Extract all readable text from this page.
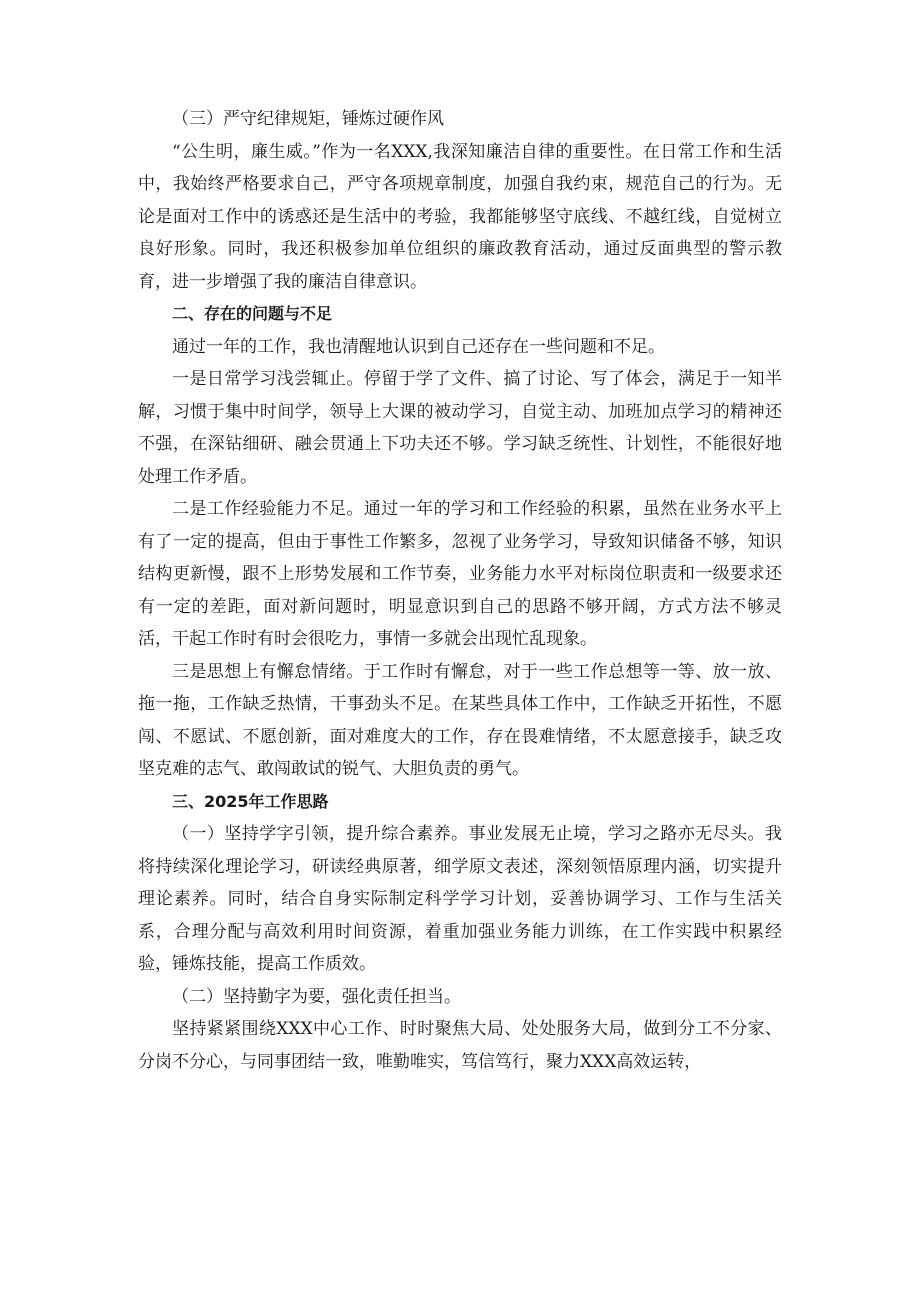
（三）严守纪律规矩，锤炼过硬作风

“公生明，廉生威。”作为一名XXX,我深知廉洁自律的重要性。在日常工作和生活中，我始终严格要求自己，严守各项规章制度，加强自我约束，规范自己的行为。无论是面对工作中的诱惑还是生活中的考验，我都能够坚守底线、不越红线，自觉树立良好形象。同时，我还积极参加单位组织的廉政教育活动，通过反面典型的警示教育，进一步增强了我的廉洁自律意识。

二、存在的问题与不足

通过一年的工作，我也清醒地认识到自己还存在一些问题和不足。

一是日常学习浅尝辄止。停留于学了文件、搞了讨论、写了体会，满足于一知半解，习惯于集中时间学，领导上大课的被动学习，自觉主动、加班加点学习的精神还不强，在深钻细研、融会贯通上下功夫还不够。学习缺乏统性、计划性，不能很好地处理工作矛盾。

二是工作经验能力不足。通过一年的学习和工作经验的积累，虽然在业务水平上有了一定的提高，但由于事性工作繁多，忽视了业务学习，导致知识储备不够，知识结构更新慢，跟不上形势发展和工作节奏，业务能力水平对标岗位职责和一级要求还有一定的差距，面对新问题时，明显意识到自己的思路不够开阔，方式方法不够灵活，干起工作时有时会很吃力，事情一多就会出现忙乱现象。

三是思想上有懈怠情绪。于工作时有懈怠，对于一些工作总想等一等、放一放、拖一拖，工作缺乏热情，干事劲头不足。在某些具体工作中，工作缺乏开拓性，不愿闯、不愿试、不愿创新，面对难度大的工作，存在畏难情绪，不太愿意接手，缺乏攻坚克难的志气、敢闯敢试的锐气、大胆负责的勇气。

三、2025年工作思路

（一）坚持学字引领，提升综合素养。事业发展无止境，学习之路亦无尽头。我将持续深化理论学习，研读经典原著，细学原文表述，深刻领悟原理内涵，切实提升理论素养。同时，结合自身实际制定科学学习计划，妥善协调学习、工作与生活关系，合理分配与高效利用时间资源，着重加强业务能力训练，在工作实践中积累经验，锤炼技能，提高工作质效。

（二）坚持勤字为要，强化责任担当。

坚持紧紧围绕XXX中心工作、时时聚焦大局、处处服务大局，做到分工不分家、分岗不分心，与同事团结一致，唯勤唯实，笃信笃行，聚力XXX高效运转，
